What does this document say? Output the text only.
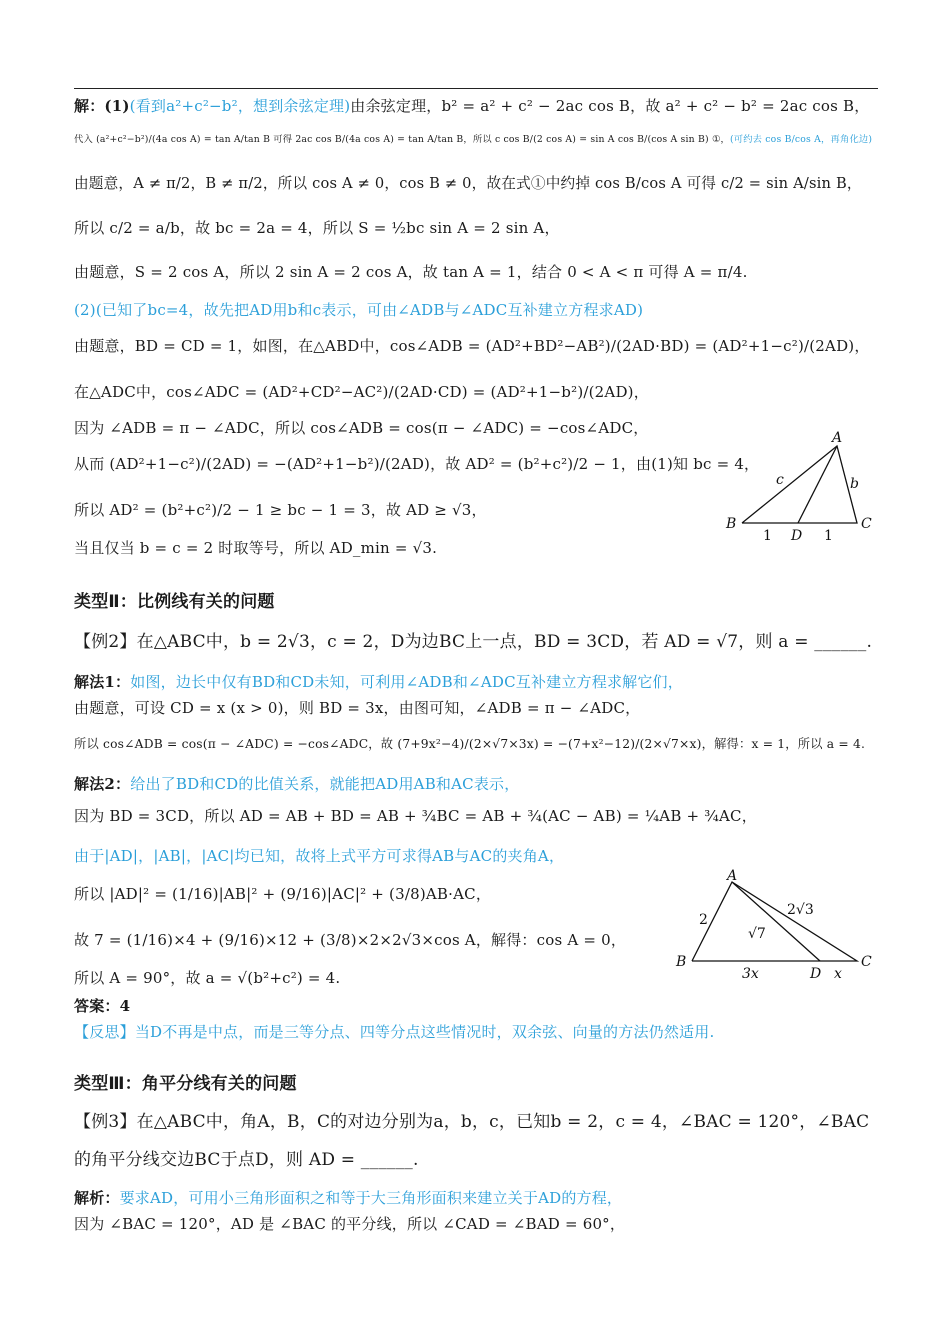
解：(1)(看到a²+c²−b²，想到余弦定理)由余弦定理，b² = a² + c² − 2ac cos B，故 a² + c² − b² = 2ac cos B，
代入 (a²+c²−b²)/(4a cos A) = tan A/tan B 可得 2ac cos B/(4a cos A) = tan A/tan B，所以 c cos B/(2 cos A) = sin A cos B/(cos A sin B) ①，(可约去 cos B/cos A，再角化边)
由题意，A ≠ π/2，B ≠ π/2，所以 cos A ≠ 0，cos B ≠ 0，故在式①中约掉 cos B/cos A 可得 c/2 = sin A/sin B，
所以 c/2 = a/b，故 bc = 2a = 4，所以 S = ½bc sin A = 2 sin A，
由题意，S = 2 cos A，所以 2 sin A = 2 cos A，故 tan A = 1，结合 0 < A < π 可得 A = π/4.
(2)(已知了bc=4，故先把AD用b和c表示，可由∠ADB与∠ADC互补建立方程求AD)
由题意，BD = CD = 1，如图，在△ABD中，cos∠ADB = (AD²+BD²−AB²)/(2AD·BD) = (AD²+1−c²)/(2AD)，
在△ADC中，cos∠ADC = (AD²+CD²−AC²)/(2AD·CD) = (AD²+1−b²)/(2AD)，
因为 ∠ADB = π − ∠ADC，所以 cos∠ADB = cos(π − ∠ADC) = −cos∠ADC，
从而 (AD²+1−c²)/(2AD) = −(AD²+1−b²)/(2AD)，故 AD² = (b²+c²)/2 − 1，由(1)知 bc = 4，
所以 AD² = (b²+c²)/2 − 1 ≥ bc − 1 = 3，故 AD ≥ √3，
当且仅当 b = c = 2 时取等号，所以 AD_min = √3.
类型Ⅱ：比例线有关的问题
【例2】在△ABC中，b = 2√3，c = 2，D为边BC上一点，BD = 3CD，若 AD = √7，则 a = ______.
解法1：如图，边长中仅有BD和CD未知，可利用∠ADB和∠ADC互补建立方程求解它们，
由题意，可设 CD = x (x > 0)，则 BD = 3x，由图可知，∠ADB = π − ∠ADC，
所以 cos∠ADB = cos(π − ∠ADC) = −cos∠ADC，故 (7+9x²−4)/(2×√7×3x) = −(7+x²−12)/(2×√7×x)，解得：x = 1，所以 a = 4.
解法2：给出了BD和CD的比值关系，就能把AD用AB和AC表示，
因为 BD = 3CD，所以 AD = AB + BD = AB + ¾BC = AB + ¾(AC − AB) = ¼AB + ¾AC，
由于|AD|，|AB|，|AC|均已知，故将上式平方可求得AB与AC的夹角A，
所以 |AD|² = (1/16)|AB|² + (9/16)|AC|² + (3/8)AB·AC，
故 7 = (1/16)×4 + (9/16)×12 + (3/8)×2×2√3×cos A，解得：cos A = 0，
所以 A = 90°，故 a = √(b²+c²) = 4.
答案：4
【反思】当D不再是中点，而是三等分点、四等分点这些情况时，双余弦、向量的方法仍然适用.
类型Ⅲ：角平分线有关的问题
【例3】在△ABC中，角A，B，C的对边分别为a，b，c，已知b = 2，c = 4，∠BAC = 120°，∠BAC
的角平分线交边BC于点D，则 AD = ______.
解析：要求AD，可用小三角形面积之和等于大三角形面积来建立关于AD的方程，
因为 ∠BAC = 120°，AD 是 ∠BAC 的平分线，所以 ∠CAD = ∠BAD = 60°，
A
B	C
D
c	b
1	1
A
B	C
D
2
2√3
√7
3x	x
